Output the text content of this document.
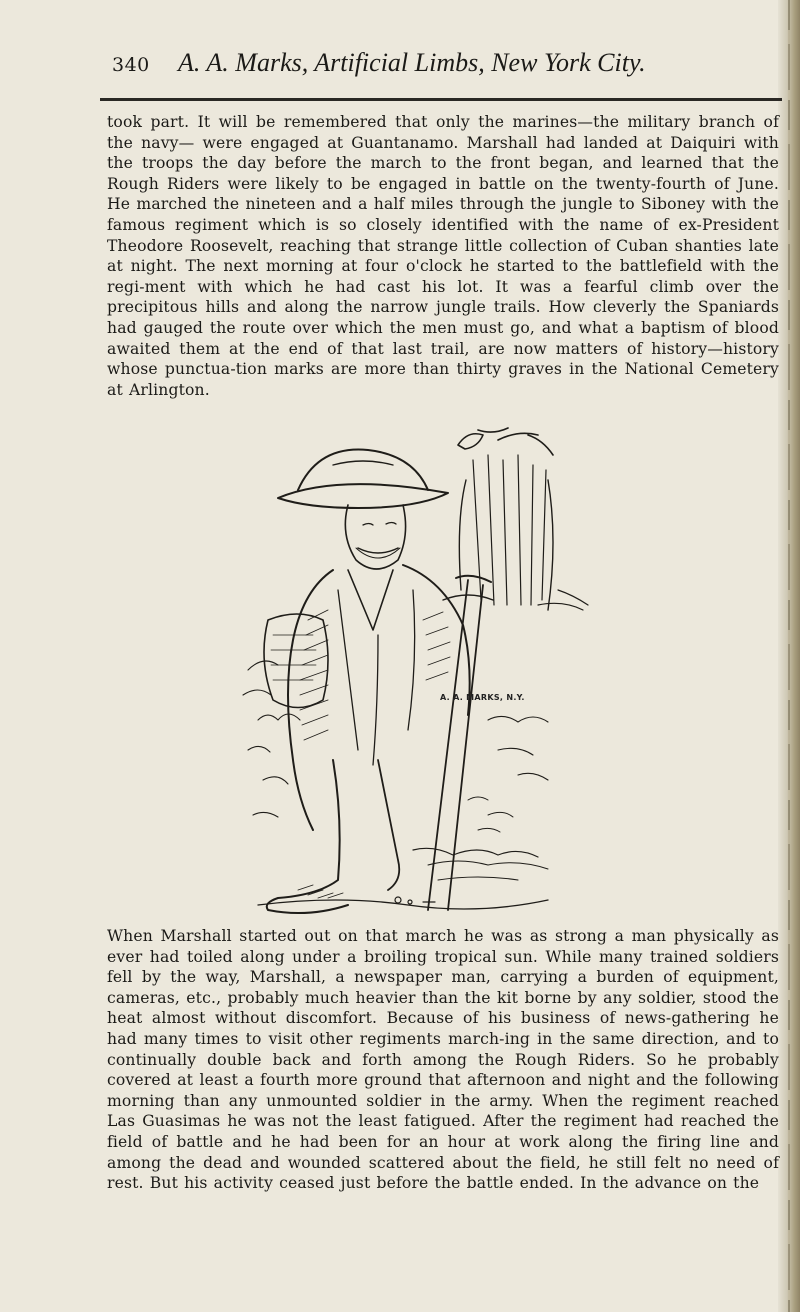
340 A. A. Marks, Artificial Limbs, New York City.

took part. It will be remembered that only the marines—the military branch of the navy— were engaged at Guantanamo. Marshall had landed at Daiquiri with the troops the day before the march to the front began, and learned that the Rough Riders were likely to be engaged in battle on the twenty-fourth of June. He marched the nineteen and a half miles through the jungle to Siboney with the famous regiment which is so closely identified with the name of ex-President Theodore Roosevelt, reaching that strange little collection of Cuban shanties late at night. The next morning at four o'clock he started to the battlefield with the regi-ment with which he had cast his lot. It was a fearful climb over the precipitous hills and along the narrow jungle trails. How cleverly the Spaniards had gauged the route over which the men must go, and what a baptism of blood awaited them at the end of that last trail, are now matters of history—history whose punctua-tion marks are more than thirty graves in the National Cemetery at Arlington.

A. A. MARKS, N.Y.

When Marshall started out on that march he was as strong a man physically as ever had toiled along under a broiling tropical sun. While many trained soldiers fell by the way, Marshall, a newspaper man, carrying a burden of equipment, cameras, etc., probably much heavier than the kit borne by any soldier, stood the heat almost without discomfort. Because of his business of news-gathering he had many times to visit other regiments march-ing in the same direction, and to continually double back and forth among the Rough Riders. So he probably covered at least a fourth more ground that afternoon and night and the following morning than any unmounted soldier in the army. When the regiment reached Las Guasimas he was not the least fatigued. After the regiment had reached the field of battle and he had been for an hour at work along the firing line and among the dead and wounded scattered about the field, he still felt no need of rest. But his activity ceased just before the battle ended. In the advance on the
